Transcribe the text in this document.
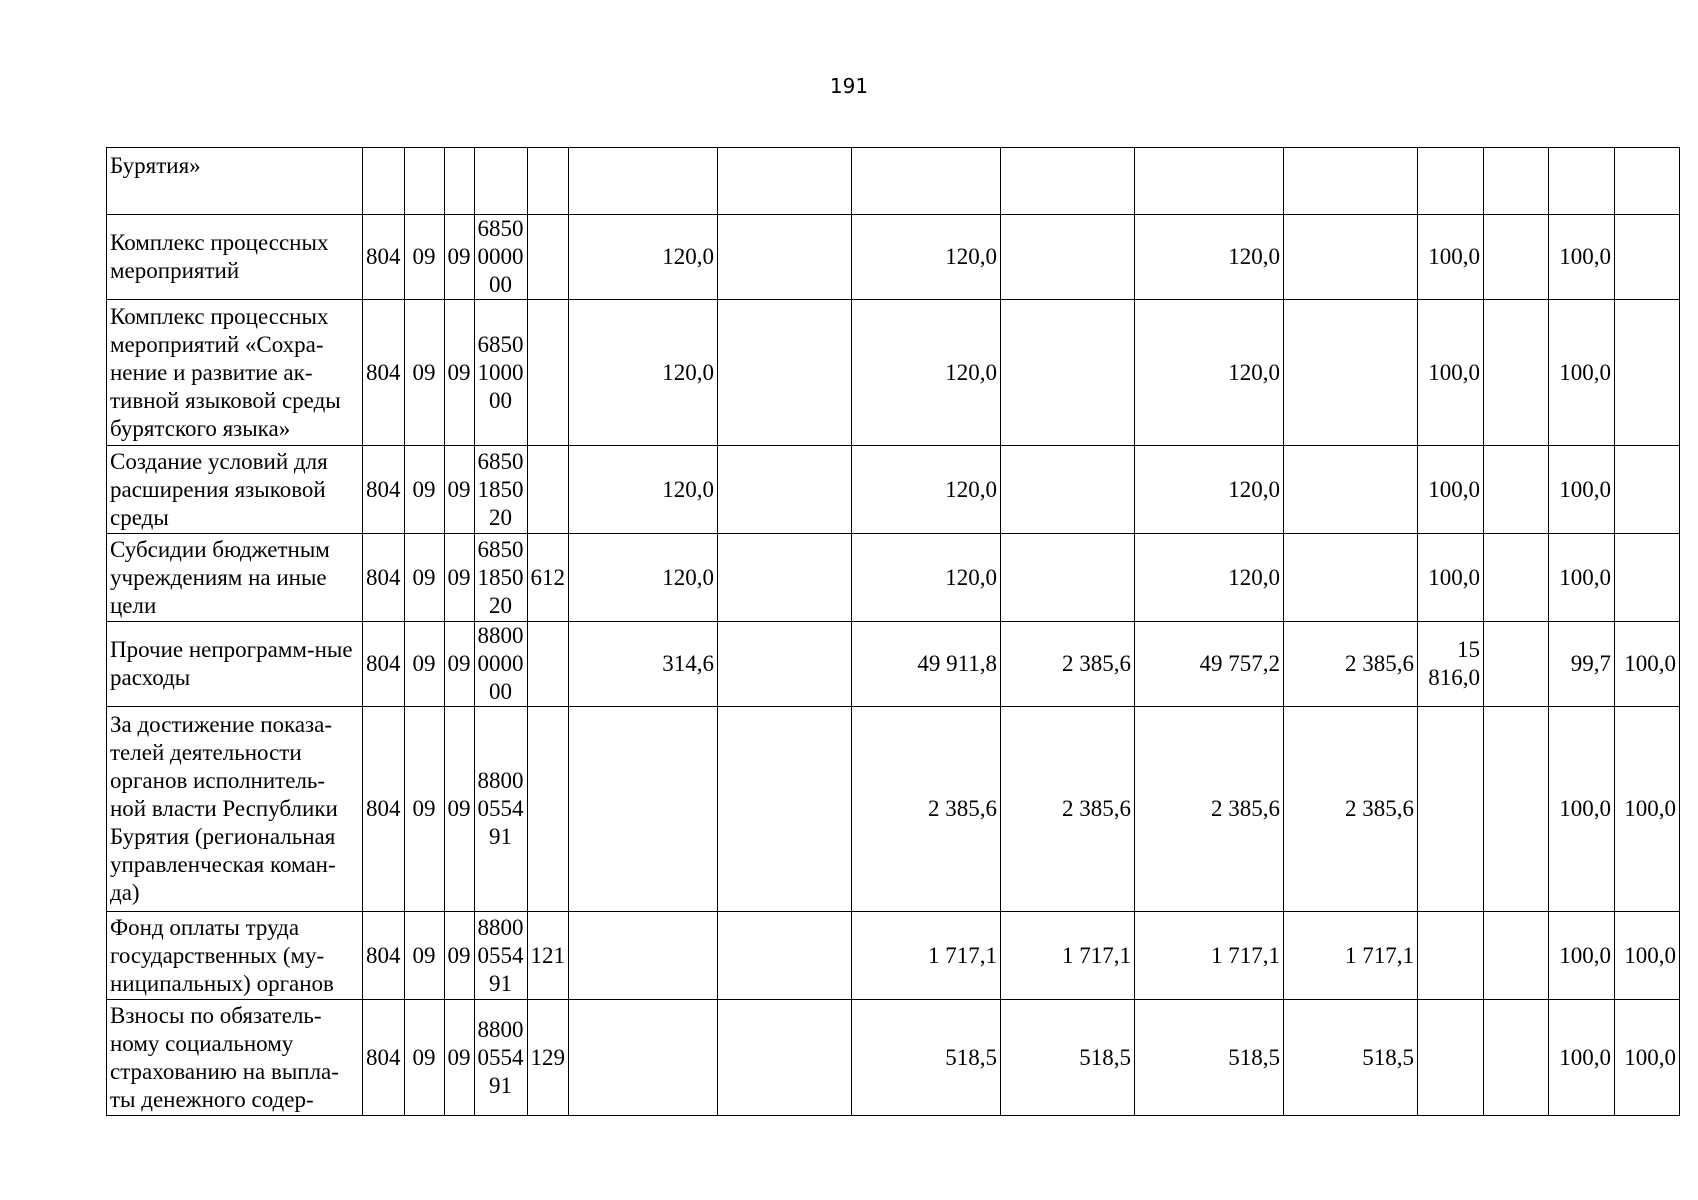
191
Бурятия»															
Комплекс процессных мероприятий	804	09	09	6850 0000 00		120,0		120,0		120,0		100,0		100,0	
Комплекс процессных мероприятий «Сохра-нение и развитие ак-тивной языковой среды бурятского языка»	804	09	09	6850 1000 00		120,0		120,0		120,0		100,0		100,0	
Создание условий для расширения языковой среды	804	09	09	6850 1850 20		120,0		120,0		120,0		100,0		100,0	
Субсидии бюджетным учреждениям на иные цели	804	09	09	6850 1850 20	612	120,0		120,0		120,0		100,0		100,0	
Прочие непрограмм-ные расходы	804	09	09	8800 0000 00		314,6		49 911,8	2 385,6	49 757,2	2 385,6	15 816,0		99,7	100,0
За достижение показа-телей деятельности органов исполнитель-ной власти Республики Бурятия (региональная управленческая коман-да)	804	09	09	8800 0554 91				2 385,6	2 385,6	2 385,6	2 385,6			100,0	100,0
Фонд оплаты труда государственных (му-ниципальных) органов	804	09	09	8800 0554 91	121			1 717,1	1 717,1	1 717,1	1 717,1			100,0	100,0
Взносы по обязатель-ному социальному страхованию на выпла-ты денежного содер-	804	09	09	8800 0554 91	129			518,5	518,5	518,5	518,5			100,0	100,0
